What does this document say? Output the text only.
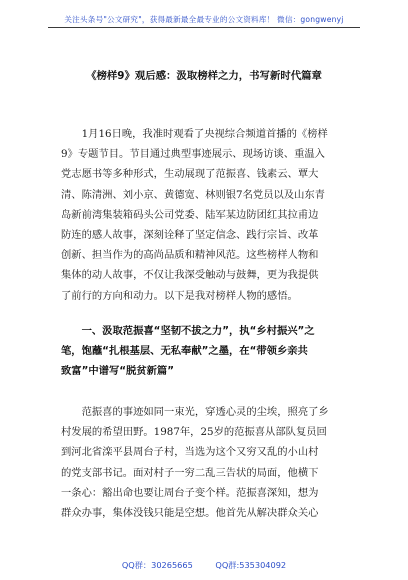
关注头条号"公文研究"，获得最新最全最专业的公文资料库！ 微信：gongwenyj
《榜样9》观后感：汲取榜样之力，书写新时代篇章
　　1月16日晚，我准时观看了央视综合频道首播的《榜样
9》专题节目。节目通过典型事迹展示、现场访谈、重温入
党志愿书等多种形式，生动展现了范振喜、钱素云、覃大
清、陈清洲、刘小京、黄德宽、林则银7名党员以及山东青
岛新前湾集装箱码头公司党委、陆军某边防团红其拉甫边
防连的感人故事，深刻诠释了坚定信念、践行宗旨、改革
创新、担当作为的高尚品质和精神风范。这些榜样人物和
集体的动人故事，不仅让我深受触动与鼓舞，更为我提供
了前行的方向和动力。以下是我对榜样人物的感悟。
　　一、汲取范振喜“坚韧不拔之力”，执“乡村振兴”之
笔，饱蘸“扎根基层、无私奉献”之墨，在“带领乡亲共
致富”中谱写“脱贫新篇”
　　范振喜的事迹如同一束光，穿透心灵的尘埃，照亮了乡
村发展的希望田野。1987年，25岁的范振喜从部队复员回
到河北省滦平县周台子村，当选为这个又穷又乱的小山村
的党支部书记。面对村子一穷二乱三告状的局面，他横下
一条心：豁出命也要让周台子变个样。范振喜深知，想为
群众办事，集体没钱只能是空想。他首先从解决群众关心
QQ群：30265665	QQ群:535304092
